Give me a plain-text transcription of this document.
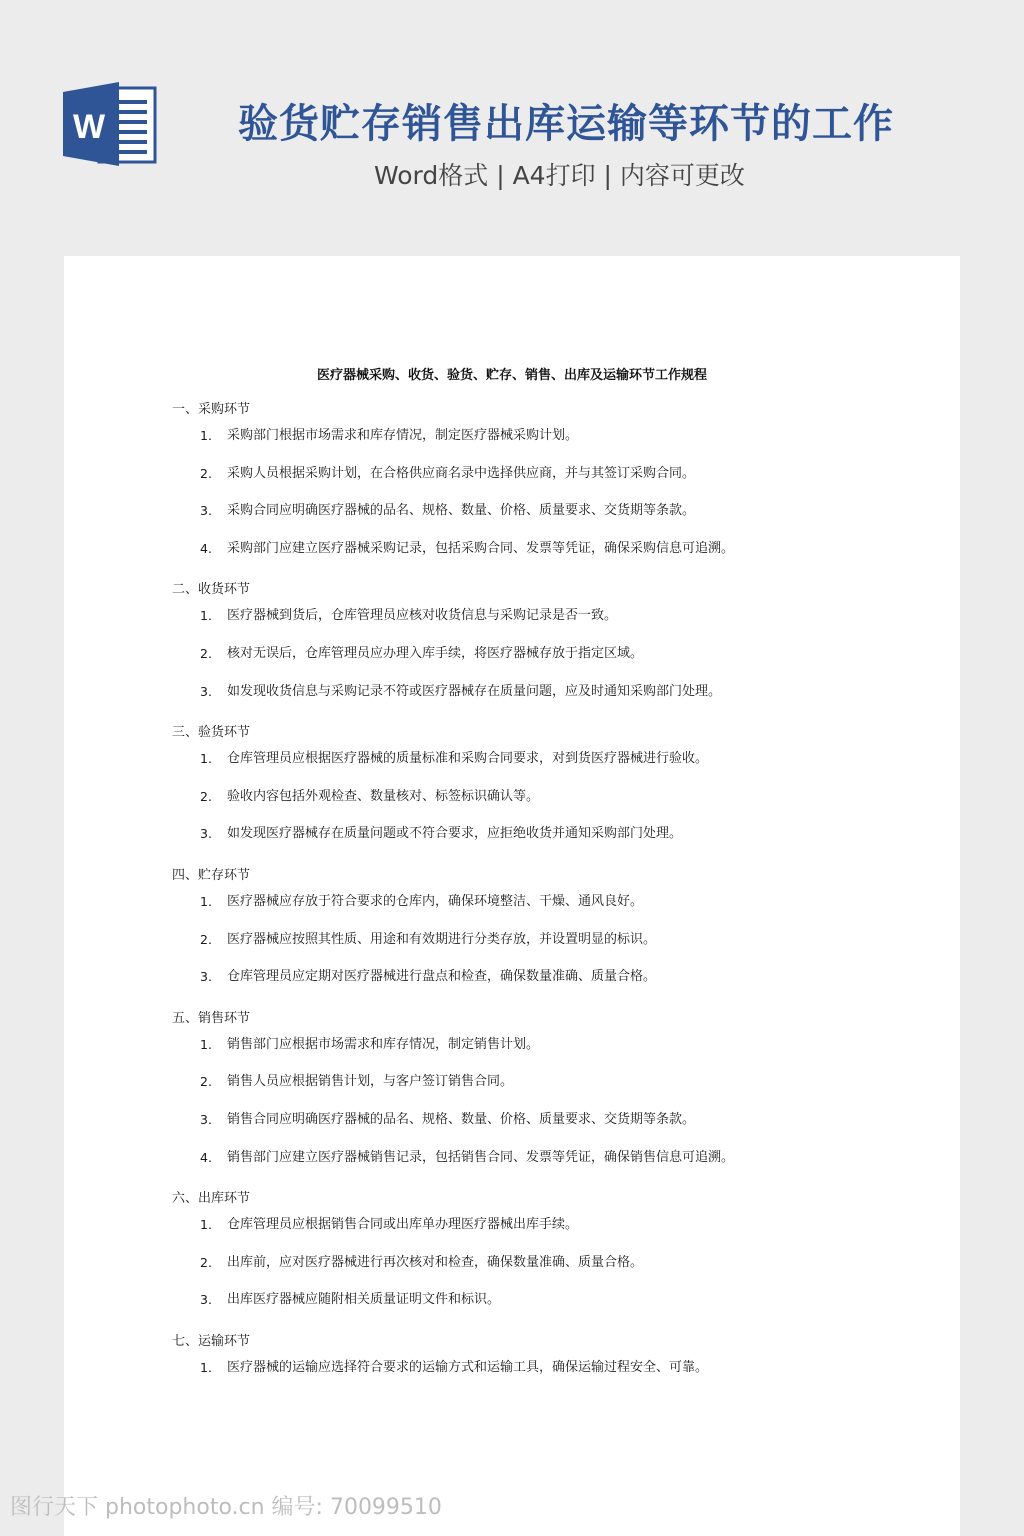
W	验货贮存销售出库运输等环节的工作
Word格式 | A4打印 | 内容可更改
医疗器械采购、收货、验货、贮存、销售、出库及运输环节工作规程
一、采购环节
1.	采购部门根据市场需求和库存情况，制定医疗器械采购计划。
2.	采购人员根据采购计划，在合格供应商名录中选择供应商，并与其签订采购合同。
3.	采购合同应明确医疗器械的品名、规格、数量、价格、质量要求、交货期等条款。
4.	采购部门应建立医疗器械采购记录，包括采购合同、发票等凭证，确保采购信息可追溯。
二、收货环节
1.	医疗器械到货后，仓库管理员应核对收货信息与采购记录是否一致。
2.	核对无误后，仓库管理员应办理入库手续，将医疗器械存放于指定区域。
3.	如发现收货信息与采购记录不符或医疗器械存在质量问题，应及时通知采购部门处理。
三、验货环节
1.	仓库管理员应根据医疗器械的质量标准和采购合同要求，对到货医疗器械进行验收。
2.	验收内容包括外观检查、数量核对、标签标识确认等。
3.	如发现医疗器械存在质量问题或不符合要求，应拒绝收货并通知采购部门处理。
四、贮存环节
1.	医疗器械应存放于符合要求的仓库内，确保环境整洁、干燥、通风良好。
2.	医疗器械应按照其性质、用途和有效期进行分类存放，并设置明显的标识。
3.	仓库管理员应定期对医疗器械进行盘点和检查，确保数量准确、质量合格。
五、销售环节
1.	销售部门应根据市场需求和库存情况，制定销售计划。
2.	销售人员应根据销售计划，与客户签订销售合同。
3.	销售合同应明确医疗器械的品名、规格、数量、价格、质量要求、交货期等条款。
4.	销售部门应建立医疗器械销售记录，包括销售合同、发票等凭证，确保销售信息可追溯。
六、出库环节
1.	仓库管理员应根据销售合同或出库单办理医疗器械出库手续。
2.	出库前，应对医疗器械进行再次核对和检查，确保数量准确、质量合格。
3.	出库医疗器械应随附相关质量证明文件和标识。
七、运输环节
1.	医疗器械的运输应选择符合要求的运输方式和运输工具，确保运输过程安全、可靠。
图行天下 photophoto.cn 编号: 70099510
